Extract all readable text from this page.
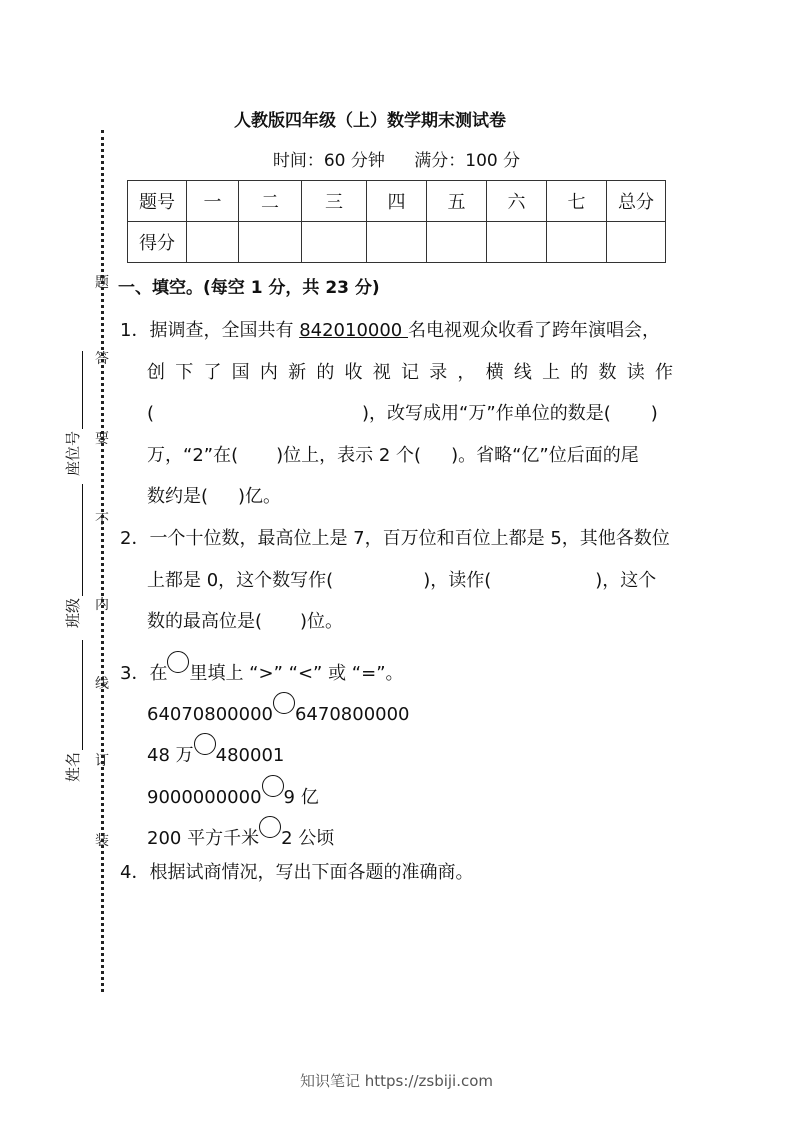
题
答
要
不
内
线
订
装
座位号
班级
姓名
人教版四年级（上）数学期末测试卷
时间：60 分钟 满分：100 分
题号	一	二	三	四	五	六	七	总分
得分								
一、填空。(每空 1 分，共 23 分)
1．据调查，全国共有 842010000 名电视观众收看了跨年演唱会，
创 下 了 国 内 新 的 收 视 记 录 ， 横 线 上 的 数 读 作
(	)，改写成用“万”作单位的数是( )
万，“2”在( )位上，表示 2 个( )。省略“亿”位后面的尾
数约是( )亿。
2．一个十位数，最高位上是 7，百万位和百位上都是 5，其他各数位
上都是 0，这个数写作(	)，读作(	)，这个
数的最高位是( )位。
3．在 里填上 “>” “<” 或 “=”。
64070800000 6470800000
48 万 480001
9000000000 9 亿
200 平方千米 2 公顷
4．根据试商情况，写出下面各题的准确商。
知识笔记 https://zsbiji.com
